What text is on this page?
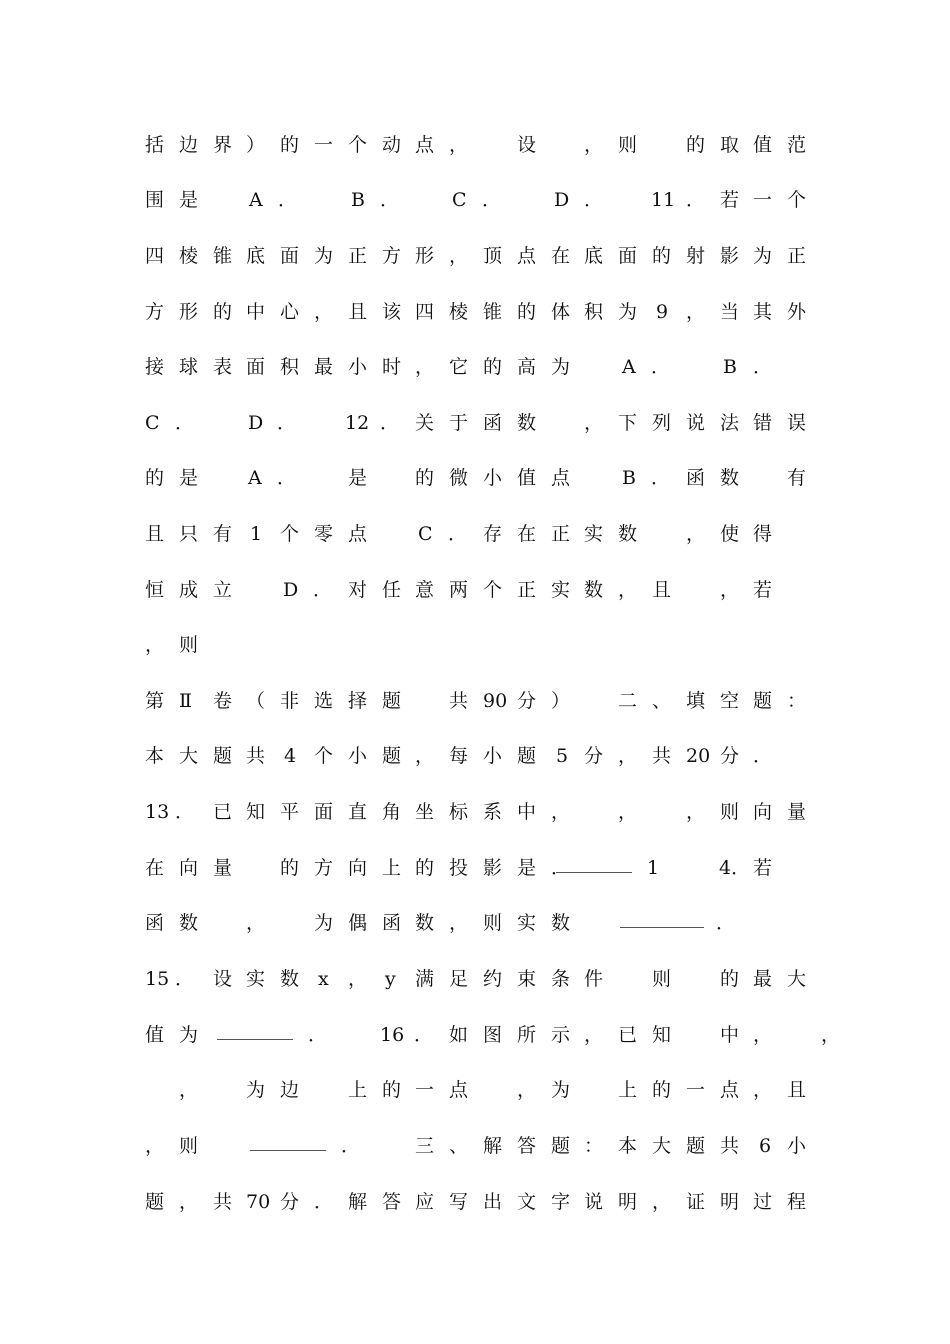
括 边 界 ） 的 一 个 动 点 ，	设	， 则	的 取 值 范
围 是	A ．	B ．	C ．	D ．	11 ． 若 一 个
四 棱 锥 底 面 为 正 方 形 ， 顶 点 在 底 面 的 射 影 为 正
方 形 的 中 心 ， 且 该 四 棱 锥 的 体 积 为 9 ， 当 其 外
接 球 表 面 积 最 小 时 ， 它 的 高 为	A ．	B ．
C ．	D ．	12 ． 关 于 函 数	， 下 列 说 法 错 误
的 是	A ．	是	的 微 小 值 点	B ． 函 数	有
且 只 有 1 个 零 点	C ． 存 在 正 实 数	， 使 得
恒 成 立	D ． 对 任 意 两 个 正 实 数 ， 且	， 若
， 则
第 Ⅱ 卷 （ 非 选 择 题	共 90 分 ）	二 、 填 空 题 ：
本 大 题 共 4 个 小 题 ， 每 小 题 5 分 ， 共 20 分 ．
13 ． 已 知 平 面 直 角 坐 标 系 中 ，	，	， 则 向 量
在 向 量	的 方 向 上 的 投 影 是 ．	1	4． 若
函 数	，	为 偶 函 数 ， 则 实 数	．
15 ． 设 实 数 x ， y 满 足 约 束 条 件	则	的 最 大
值 为	．	16 ． 如 图 所 示 ， 已 知	中 ，	，
，	为 边	上 的 一 点	， 为	上 的 一 点 ， 且
， 则	．	三 、 解 答 题 ： 本 大 题 共 6 小
题 ， 共 70 分 ． 解 答 应 写 出 文 字 说 明 ， 证 明 过 程
